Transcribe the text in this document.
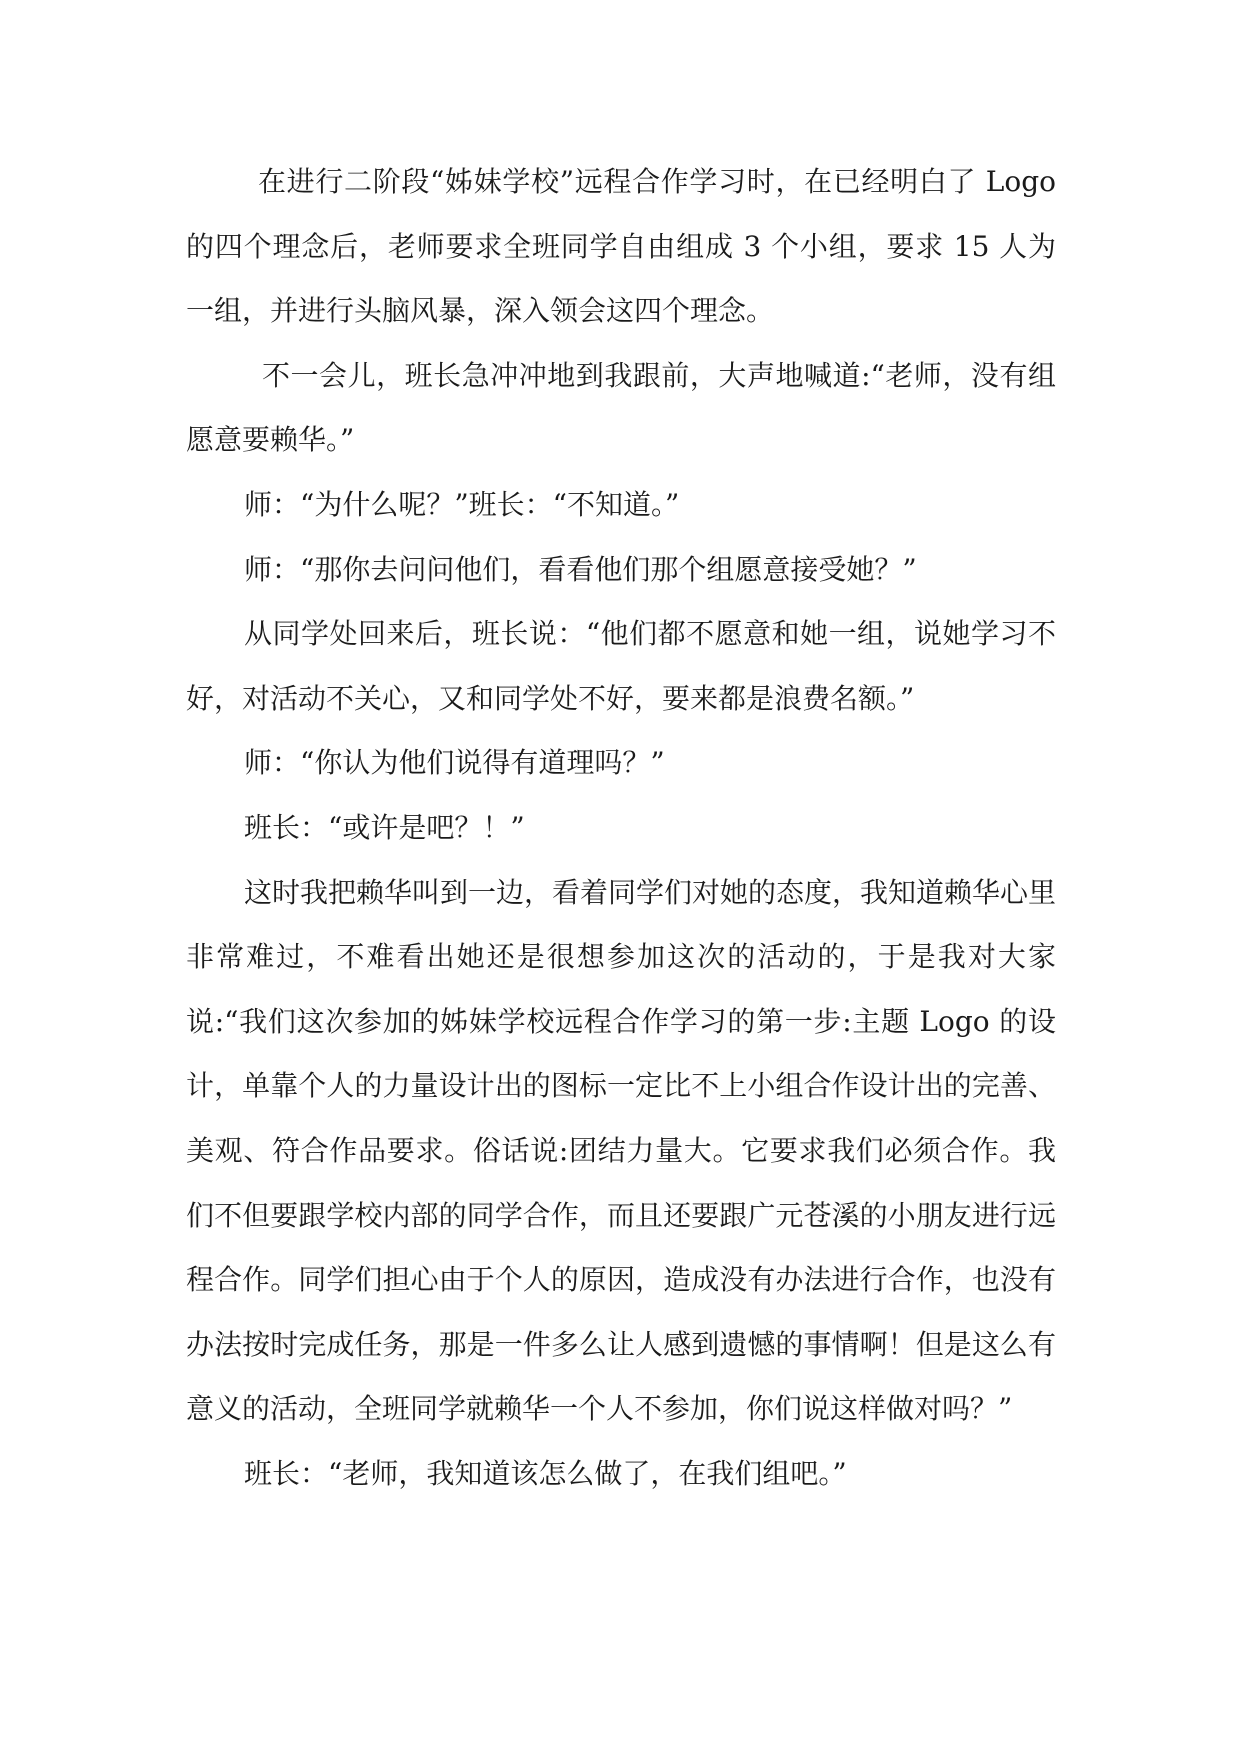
在进行二阶段“姊妹学校”远程合作学习时，在已经明白了 Logo 的四个理念后，老师要求全班同学自由组成 3 个小组，要求 15 人为一组，并进行头脑风暴，深入领会这四个理念。

不一会儿，班长急冲冲地到我跟前，大声地喊道:“老师，没有组愿意要赖华。”

师：“为什么呢？”班长：“不知道。”

师：“那你去问问他们，看看他们那个组愿意接受她？”

从同学处回来后，班长说：“他们都不愿意和她一组，说她学习不好，对活动不关心，又和同学处不好，要来都是浪费名额。”

师：“你认为他们说得有道理吗？”

班长：“或许是吧？！”

这时我把赖华叫到一边，看着同学们对她的态度，我知道赖华心里非常难过，不难看出她还是很想参加这次的活动的，于是我对大家说:“我们这次参加的姊妹学校远程合作学习的第一步:主题 Logo 的设计，单靠个人的力量设计出的图标一定比不上小组合作设计出的完善、美观、符合作品要求。俗话说:团结力量大。它要求我们必须合作。我们不但要跟学校内部的同学合作，而且还要跟广元苍溪的小朋友进行远程合作。同学们担心由于个人的原因，造成没有办法进行合作，也没有办法按时完成任务，那是一件多么让人感到遗憾的事情啊！但是这么有意义的活动，全班同学就赖华一个人不参加，你们说这样做对吗？”

班长：“老师，我知道该怎么做了，在我们组吧。”
